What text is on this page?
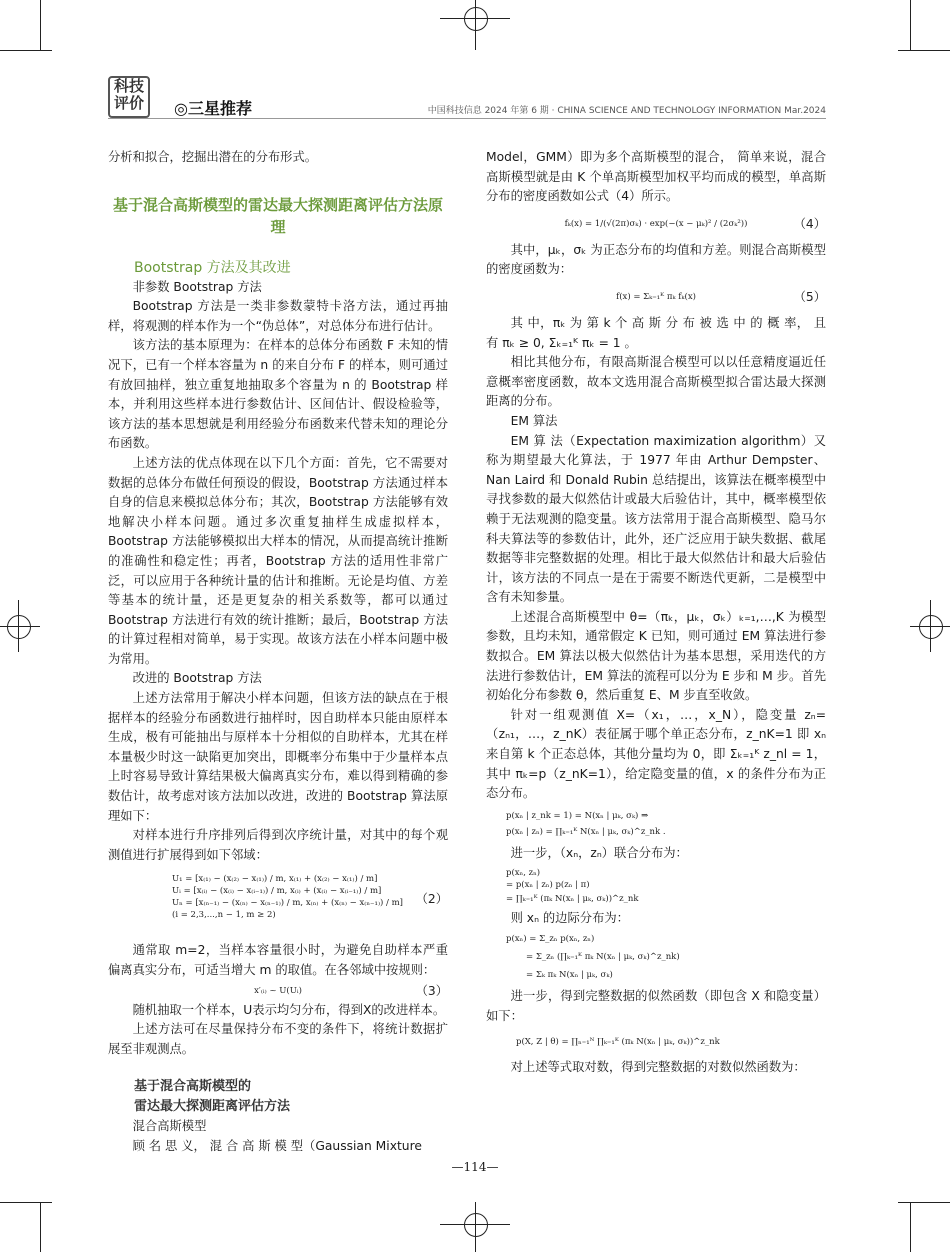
科技
评价 ◎三星推荐	中国科技信息 2024 年第 6 期 · CHINA SCIENCE AND TECHNOLOGY INFORMATION Mar.2024

分析和拟合，挖掘出潜在的分布形式。

基于混合高斯模型的雷达最大探测距离评估方法原理
Bootstrap 方法及其改进

非参数 Bootstrap 方法

Bootstrap 方法是一类非参数蒙特卡洛方法，通过再抽样，将观测的样本作为一个“伪总体”，对总体分布进行估计。

该方法的基本原理为：在样本的总体分布函数 F 未知的情况下，已有一个样本容量为 n 的来自分布 F 的样本，则可通过有放回抽样，独立重复地抽取多个容量为 n 的 Bootstrap 样本，并利用这些样本进行参数估计、区间估计、假设检验等，该方法的基本思想就是利用经验分布函数来代替未知的理论分布函数。

上述方法的优点体现在以下几个方面：首先，它不需要对数据的总体分布做任何预设的假设，Bootstrap 方法通过样本自身的信息来模拟总体分布；其次，Bootstrap 方法能够有效地解决小样本问题。通过多次重复抽样生成虚拟样本，Bootstrap 方法能够模拟出大样本的情况，从而提高统计推断的准确性和稳定性；再者，Bootstrap 方法的适用性非常广泛，可以应用于各种统计量的估计和推断。无论是均值、方差等基本的统计量，还是更复杂的相关系数等，都可以通过 Bootstrap 方法进行有效的统计推断；最后，Bootstrap 方法的计算过程相对简单，易于实现。故该方法在小样本问题中极为常用。

改进的 Bootstrap 方法

上述方法常用于解决小样本问题，但该方法的缺点在于根据样本的经验分布函数进行抽样时，因自助样本只能由原样本生成，极有可能抽出与原样本十分相似的自助样本，尤其在样本量极少时这一缺陷更加突出，即概率分布集中于少量样本点上时容易导致计算结果极大偏离真实分布，难以得到精确的参数估计，故考虑对该方法加以改进，改进的 Bootstrap 算法原理如下：

对样本进行升序排列后得到次序统计量，对其中的每个观测值进行扩展得到如下邻域：

U₁ = [x₍₁₎ − (x₍₂₎ − x₍₁₎) / m, x₍₁₎ + (x₍₂₎ − x₍₁₎) / m]
Uᵢ = [x₍ᵢ₎ − (x₍ᵢ₎ − x₍ᵢ₋₁₎) / m, x₍ᵢ₎ + (x₍ᵢ₎ − x₍ᵢ₋₁₎) / m]
Uₙ = [x₍ₙ₋₁₎ − (x₍ₙ₎ − x₍ₙ₋₁₎) / m, x₍ₙ₎ + (x₍ₙ₎ − x₍ₙ₋₁₎) / m]
(i = 2,3,...,n − 1, m ≥ 2)
（2）

通常取 m=2，当样本容量很小时，为避免自助样本严重偏离真实分布，可适当增大 m 的取值。在各邻域中按规则：

x′₍ᵢ₎ ~ U(Uᵢ)	（3）

随机抽取一个样本，U表示均匀分布，得到X的改进样本。

上述方法可在尽量保持分布不变的条件下，将统计数据扩展至非观测点。

基于混合高斯模型的
雷达最大探测距离评估方法

混合高斯模型

顾 名 思 义， 混 合 高 斯 模 型（Gaussian Mixture

Model，GMM）即为多个高斯模型的混合， 简单来说，混合高斯模型就是由 K 个单高斯模型加权平均而成的模型，单高斯分布的密度函数如公式（4）所示。

fₖ(x) = 1/(√(2π)σₖ) · exp(−(x − μₖ)² / (2σₖ²))	（4）

其中，μₖ，σₖ 为正态分布的均值和方差。则混合高斯模型的密度函数为：

f(x) = Σₖ₌₁ᴷ πₖ fₖ(x)	（5）

其 中，πₖ 为 第 k 个 高 斯 分 布 被 选 中 的 概 率， 且 有 πₖ ≥ 0, Σₖ₌₁ᴷ πₖ = 1 。

相比其他分布，有限高斯混合模型可以以任意精度逼近任意概率密度函数，故本文选用混合高斯模型拟合雷达最大探测距离的分布。

EM 算法

EM 算 法（Expectation maximization algorithm）又称为期望最大化算法，于 1977 年由 Arthur Dempster、Nan Laird 和 Donald Rubin 总结提出，该算法在概率模型中寻找参数的最大似然估计或最大后验估计，其中，概率模型依赖于无法观测的隐变量。该方法常用于混合高斯模型、隐马尔科夫算法等的参数估计，此外，还广泛应用于缺失数据、截尾数据等非完整数据的处理。相比于最大似然估计和最大后验估计，该方法的不同点一是在于需要不断迭代更新，二是模型中含有未知参量。

上述混合高斯模型中 θ=（πₖ，μₖ，σₖ）ₖ₌₁,…,K 为模型参数，且均未知，通常假定 K 已知，则可通过 EM 算法进行参数拟合。EM 算法以极大似然估计为基本思想，采用迭代的方法进行参数估计，EM 算法的流程可以分为 E 步和 M 步。首先初始化分布参数 θ，然后重复 E、M 步直至收敛。

针对一组观测值 X=（x₁，…，x_N），隐变量 zₙ=（zₙ₁，…，z_nK）表征属于哪个单正态分布，z_nK=1 即 xₙ 来自第 k 个正态总体，其他分量均为 0，即 Σₖ₌₁ᴷ z_nl = 1，其中 πₖ=p（z_nK=1），给定隐变量的值，x 的条件分布为正态分布。

p(xₙ | z_nk = 1) = N(xₙ | μₖ, σₖ) ⇒
p(xₙ | zₙ) = ∏ₖ₌₁ᴷ N(xₙ | μₖ, σₖ)^z_nk .

进一步，（xₙ，zₙ）联合分布为：

p(xₙ, zₙ)
= p(xₙ | zₙ) p(zₙ | π)
= ∏ₖ₌₁ᴷ (πₖ N(xₙ | μₖ, σₖ))^z_nk

则 xₙ 的边际分布为：

p(xₙ) = Σ_zₙ p(xₙ, zₙ)
= Σ_zₙ (∏ₖ₌₁ᴷ πₖ N(xₙ | μₖ, σₖ)^z_nk)
= Σₖ πₖ N(xₙ | μₖ, σₖ)

进一步，得到完整数据的似然函数（即包含 X 和隐变量）如下：

p(X, Z | θ) = ∏ₙ₌₁ᴺ ∏ₖ₌₁ᴷ (πₖ N(xₙ | μₖ, σₖ))^z_nk

对上述等式取对数，得到完整数据的对数似然函数为：

—114—
